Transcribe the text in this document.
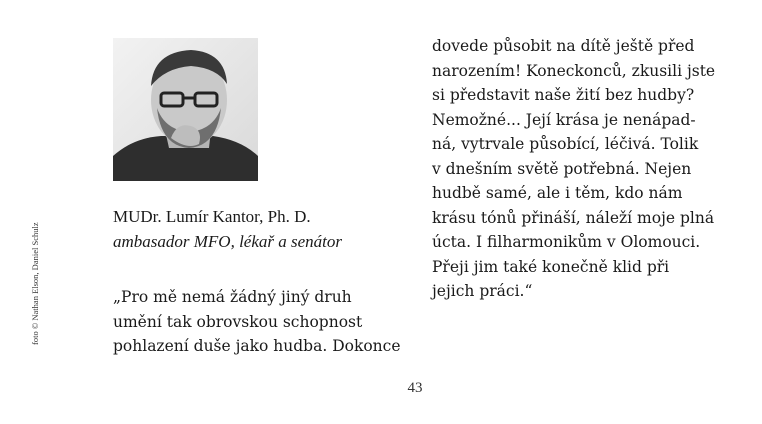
foto © Nathan Elson, Daniel Schulz
MUDr. Lumír Kantor, Ph. D.
ambasador MFO, lékař a senátor
„Pro mě nemá žádný jiný druh
umění tak obrovskou schopnost
pohlazení duše jako hudba. Dokonce
dovede působit na dítě ještě před
narozením! Koneckonců, zkusili jste
si představit naše žití bez hudby?
Nemožné... Její krása je nenápad-
ná, vytrvale působící, léčivá. Tolik
v dnešním světě potřebná. Nejen
hudbě samé, ale i těm, kdo nám
krásu tónů přináší, náleží moje plná
úcta. I filharmonikům v Olomouci.
Přeji jim také konečně klid při
jejich práci.“
43
